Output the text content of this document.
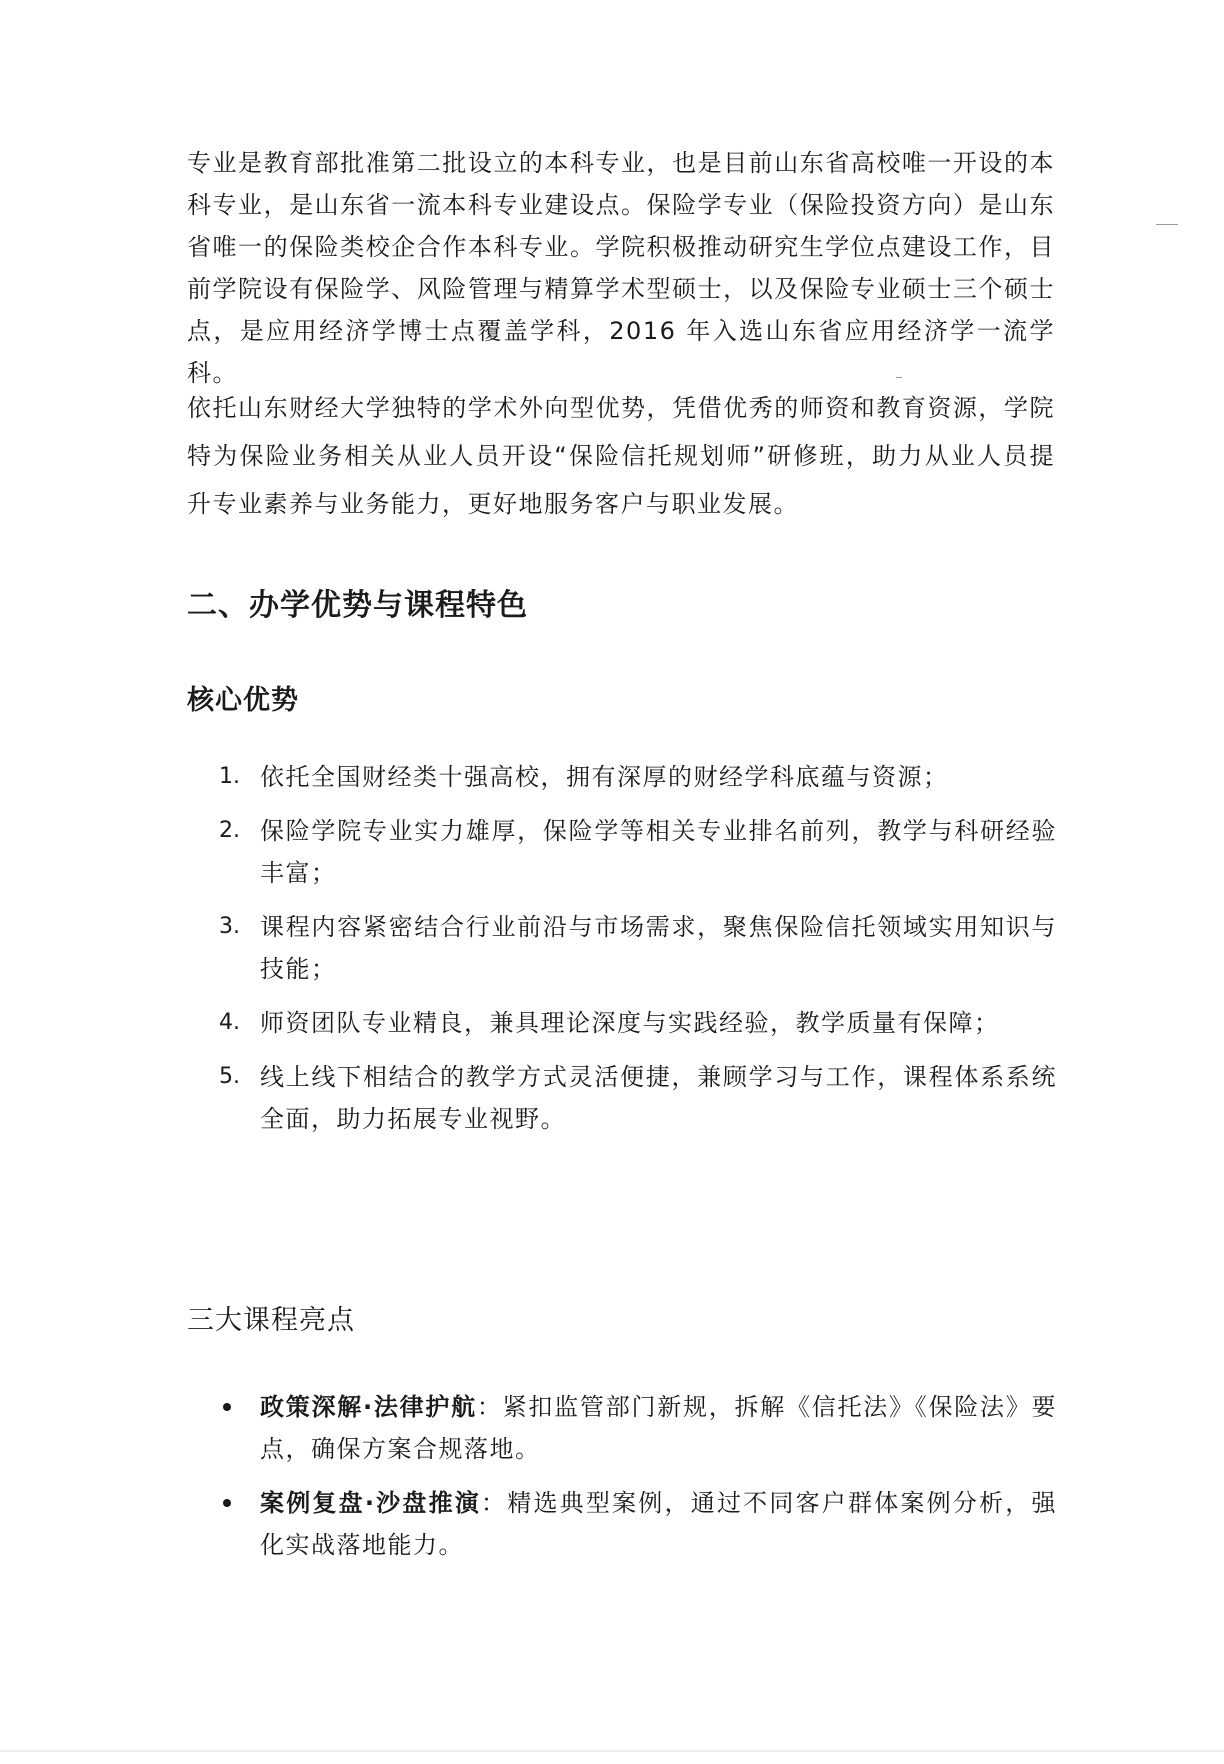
专业是教育部批准第二批设立的本科专业，也是目前山东省高校唯一开设的本科专业，是山东省一流本科专业建设点。保险学专业（保险投资方向）是山东省唯一的保险类校企合作本科专业。学院积极推动研究生学位点建设工作，目前学院设有保险学、风险管理与精算学术型硕士，以及保险专业硕士三个硕士点，是应用经济学博士点覆盖学科，2016 年入选山东省应用经济学一流学科。

依托山东财经大学独特的学术外向型优势，凭借优秀的师资和教育资源，学院特为保险业务相关从业人员开设“保险信托规划师”研修班，助力从业人员提升专业素养与业务能力，更好地服务客户与职业发展。

二、办学优势与课程特色
核心优势
1. 依托全国财经类十强高校，拥有深厚的财经学科底蕴与资源；
2. 保险学院专业实力雄厚，保险学等相关专业排名前列，教学与科研经验丰富；
3. 课程内容紧密结合行业前沿与市场需求，聚焦保险信托领域实用知识与技能；
4. 师资团队专业精良，兼具理论深度与实践经验，教学质量有保障；
5. 线上线下相结合的教学方式灵活便捷，兼顾学习与工作，课程体系系统全面，助力拓展专业视野。
三大课程亮点
政策深解·法律护航：紧扣监管部门新规，拆解《信托法》《保险法》要点，确保方案合规落地。
案例复盘·沙盘推演：精选典型案例，通过不同客户群体案例分析，强化实战落地能力。
